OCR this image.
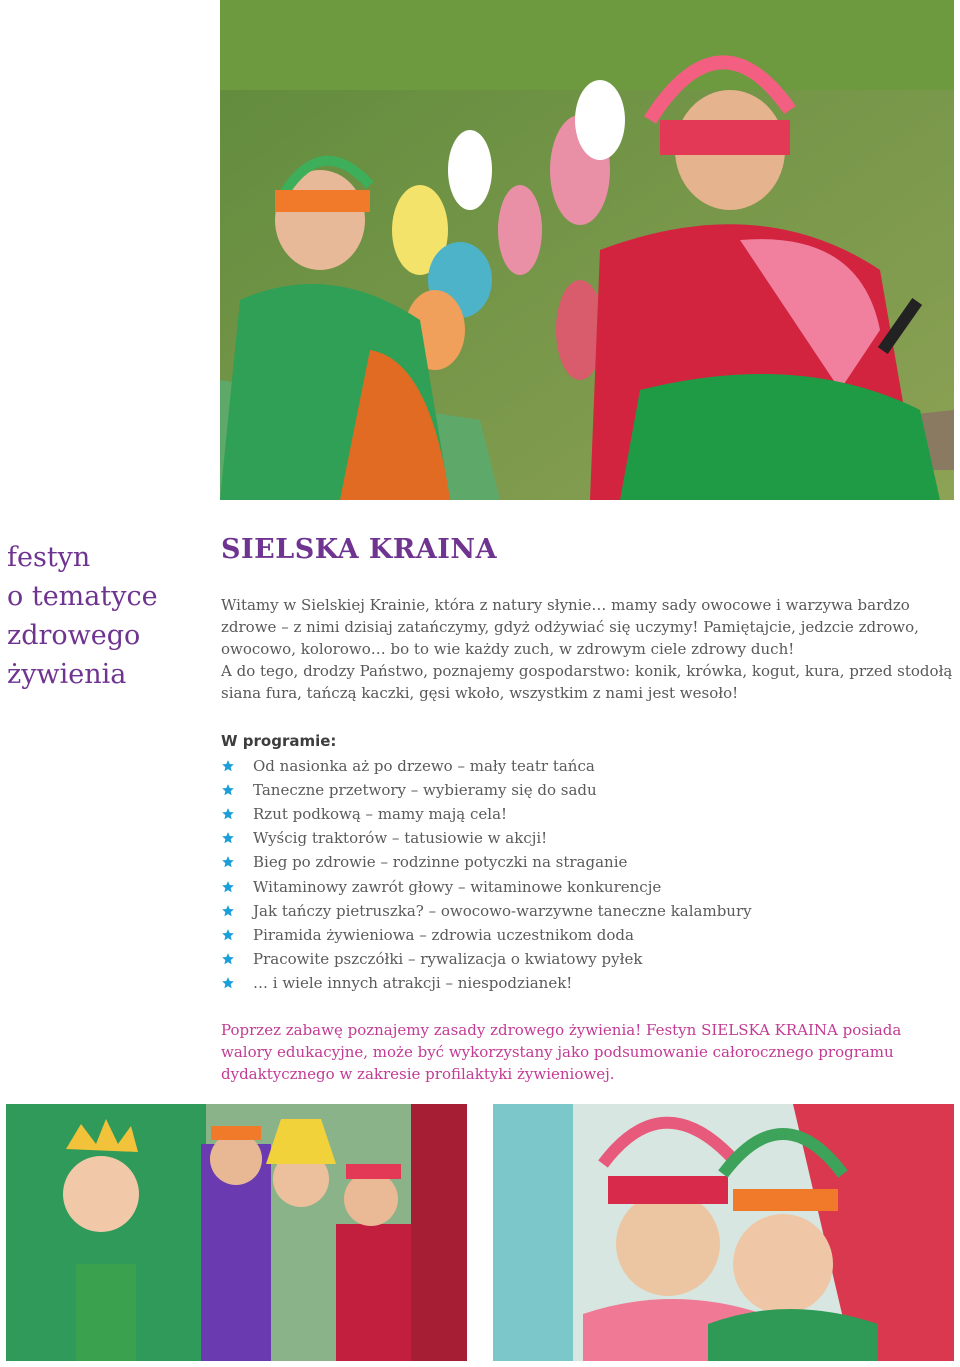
festyn
o tematyce
zdrowego
żywienia
SIELSKA KRAINA

Witamy w Sielskiej Krainie, która z natury słynie… mamy sady owocowe i warzywa bardzo zdrowe – z nimi dzisiaj zatańczymy, gdyż odżywiać się uczymy! Pamiętajcie, jedzcie zdrowo, owocowo, kolorowo… bo to wie każdy zuch, w zdrowym ciele zdrowy duch!

A do tego, drodzy Państwo, poznajemy gospodarstwo: konik, krówka, kogut, kura, przed stodołą siana fura, tańczą kaczki, gęsi wkoło, wszystkim z nami jest wesoło!

W programie:
Od nasionka aż po drzewo – mały teatr tańca
Taneczne przetwory – wybieramy się do sadu
Rzut podkową – mamy mają cela!
Wyścig traktorów – tatusiowie w akcji!
Bieg po zdrowie – rodzinne potyczki na straganie
Witaminowy zawrót głowy – witaminowe konkurencje
Jak tańczy pietruszka? – owocowo-warzywne taneczne kalambury
Piramida żywieniowa – zdrowia uczestnikom doda
Pracowite pszczółki – rywalizacja o kwiatowy pyłek
… i wiele innych atrakcji – niespodzianek!

Poprzez zabawę poznajemy zasady zdrowego żywienia! Festyn SIELSKA KRAINA posiada walory edukacyjne, może być wykorzystany jako podsumowanie całorocznego programu dydaktycznego w zakresie profilaktyki żywieniowej.
